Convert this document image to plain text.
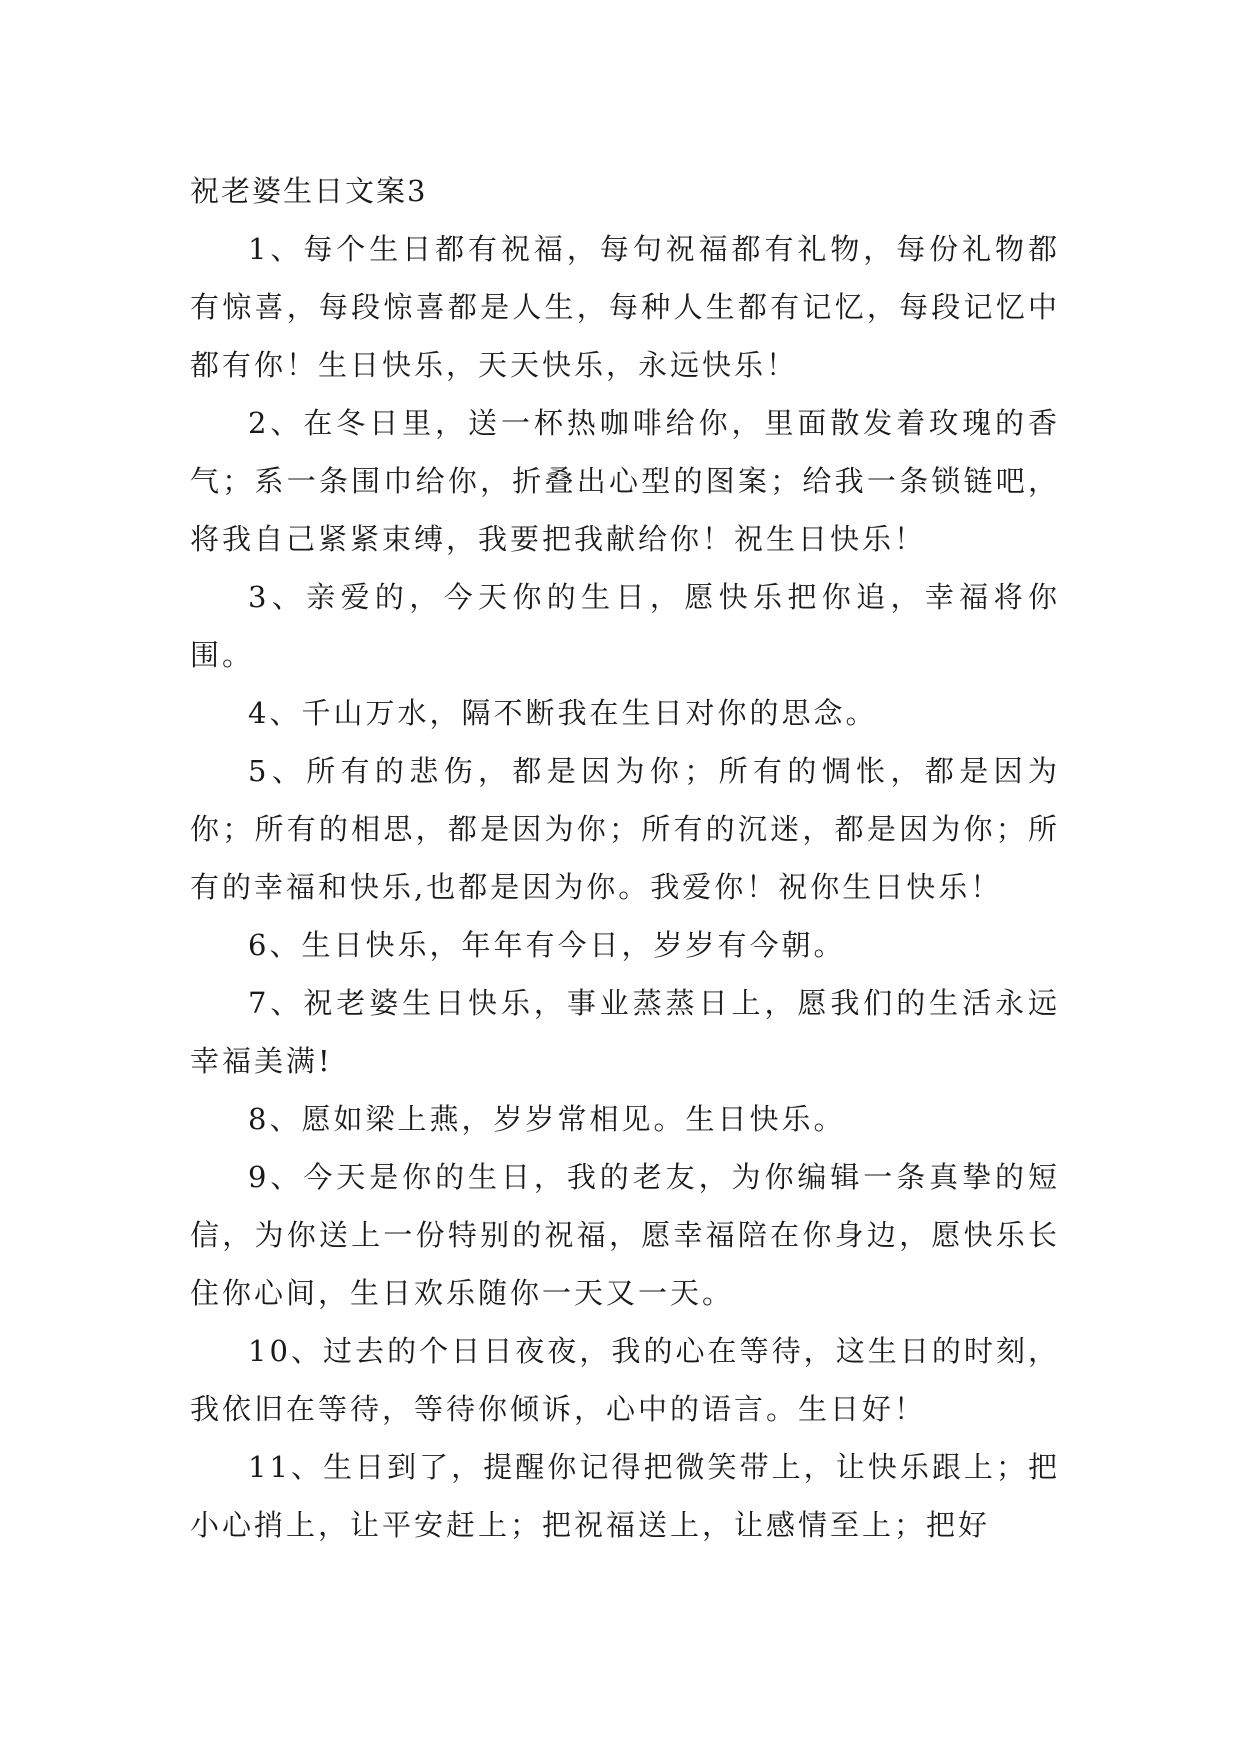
祝老婆生日文案3

1、每个生日都有祝福，每句祝福都有礼物，每份礼物都有惊喜，每段惊喜都是人生，每种人生都有记忆，每段记忆中都有你！生日快乐，天天快乐，永远快乐！

2、在冬日里，送一杯热咖啡给你，里面散发着玫瑰的香气；系一条围巾给你，折叠出心型的图案；给我一条锁链吧，将我自己紧紧束缚，我要把我献给你！祝生日快乐！

3、亲爱的，今天你的生日，愿快乐把你追，幸福将你围。

4、千山万水，隔不断我在生日对你的思念。

5、所有的悲伤，都是因为你；所有的惆怅，都是因为你；所有的相思，都是因为你；所有的沉迷，都是因为你；所有的幸福和快乐,也都是因为你。我爱你！祝你生日快乐！

6、生日快乐，年年有今日，岁岁有今朝。

7、祝老婆生日快乐，事业蒸蒸日上，愿我们的生活永远幸福美满!

8、愿如梁上燕，岁岁常相见。生日快乐。

9、今天是你的生日，我的老友，为你编辑一条真挚的短信，为你送上一份特别的祝福，愿幸福陪在你身边，愿快乐长住你心间，生日欢乐随你一天又一天。

10、过去的个日日夜夜，我的心在等待，这生日的时刻，我依旧在等待，等待你倾诉，心中的语言。生日好！

11、生日到了，提醒你记得把微笑带上，让快乐跟上；把小心捎上，让平安赶上；把祝福送上，让感情至上；把好
